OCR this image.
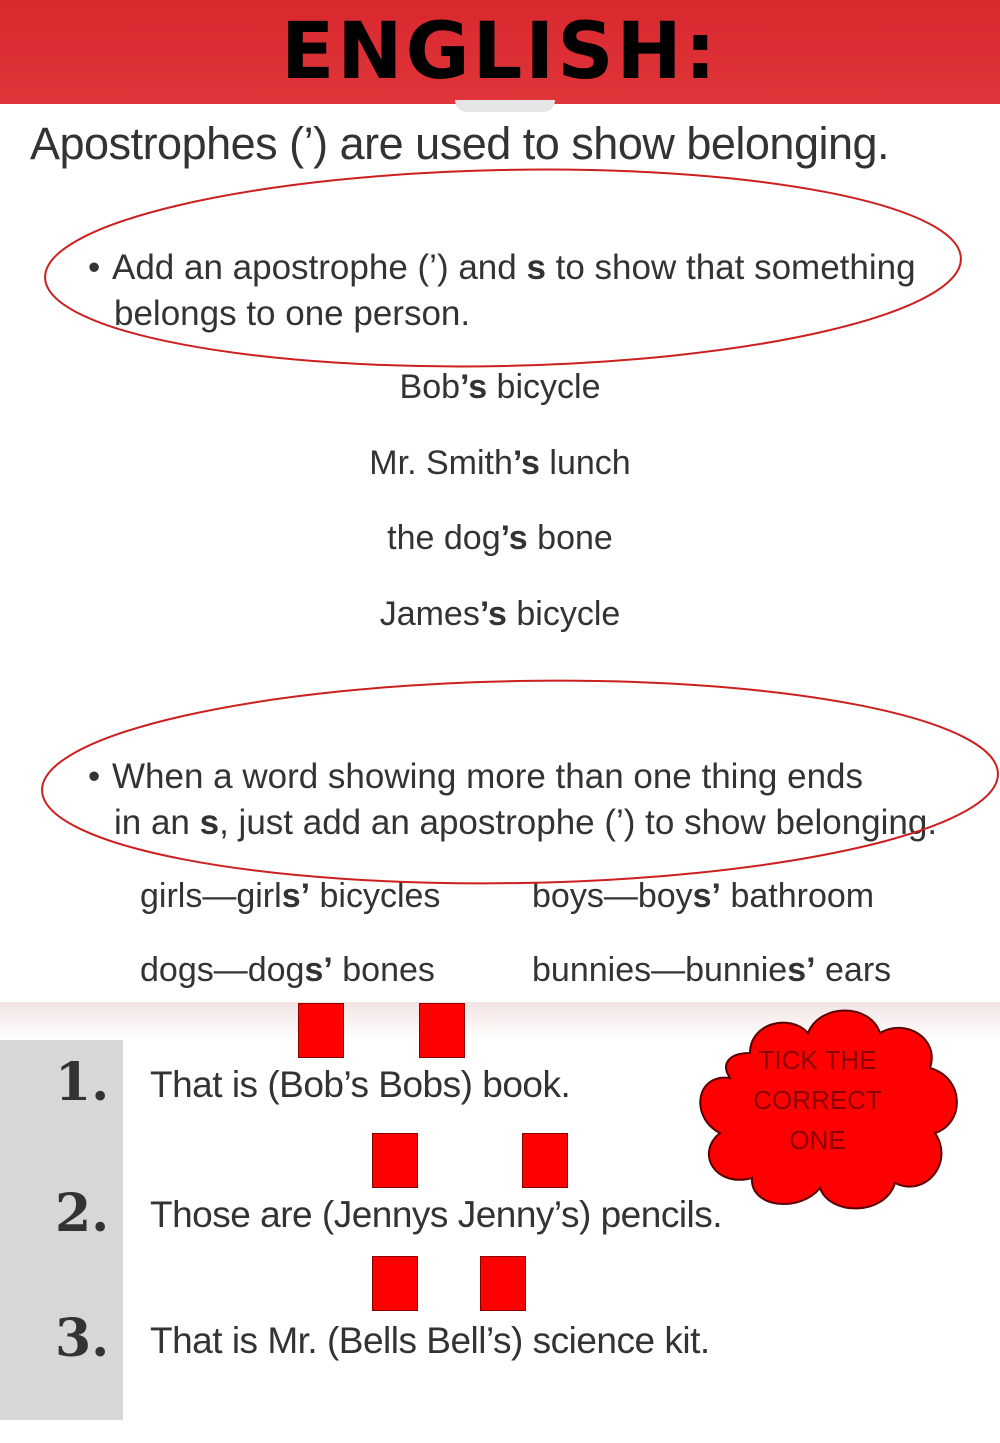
ENGLISH:
Apostrophes (’) are used to show belonging.
• Add an apostrophe (’) and s to show that something
belongs to one person.
Bob’s bicycle
Mr. Smith’s lunch
the dog’s bone
James’s bicycle
• When a word showing more than one thing ends
in an s, just add an apostrophe (’) to show belonging.
girls—girls’ bicycles	boys—boys’ bathroom
dogs—dogs’ bones	bunnies—bunnies’ ears
1. That is (Bob’s Bobs) book.
2. Those are (Jennys Jenny’s) pencils.
3. That is Mr. (Bells Bell’s) science kit.
TICK THE
CORRECT
ONE
